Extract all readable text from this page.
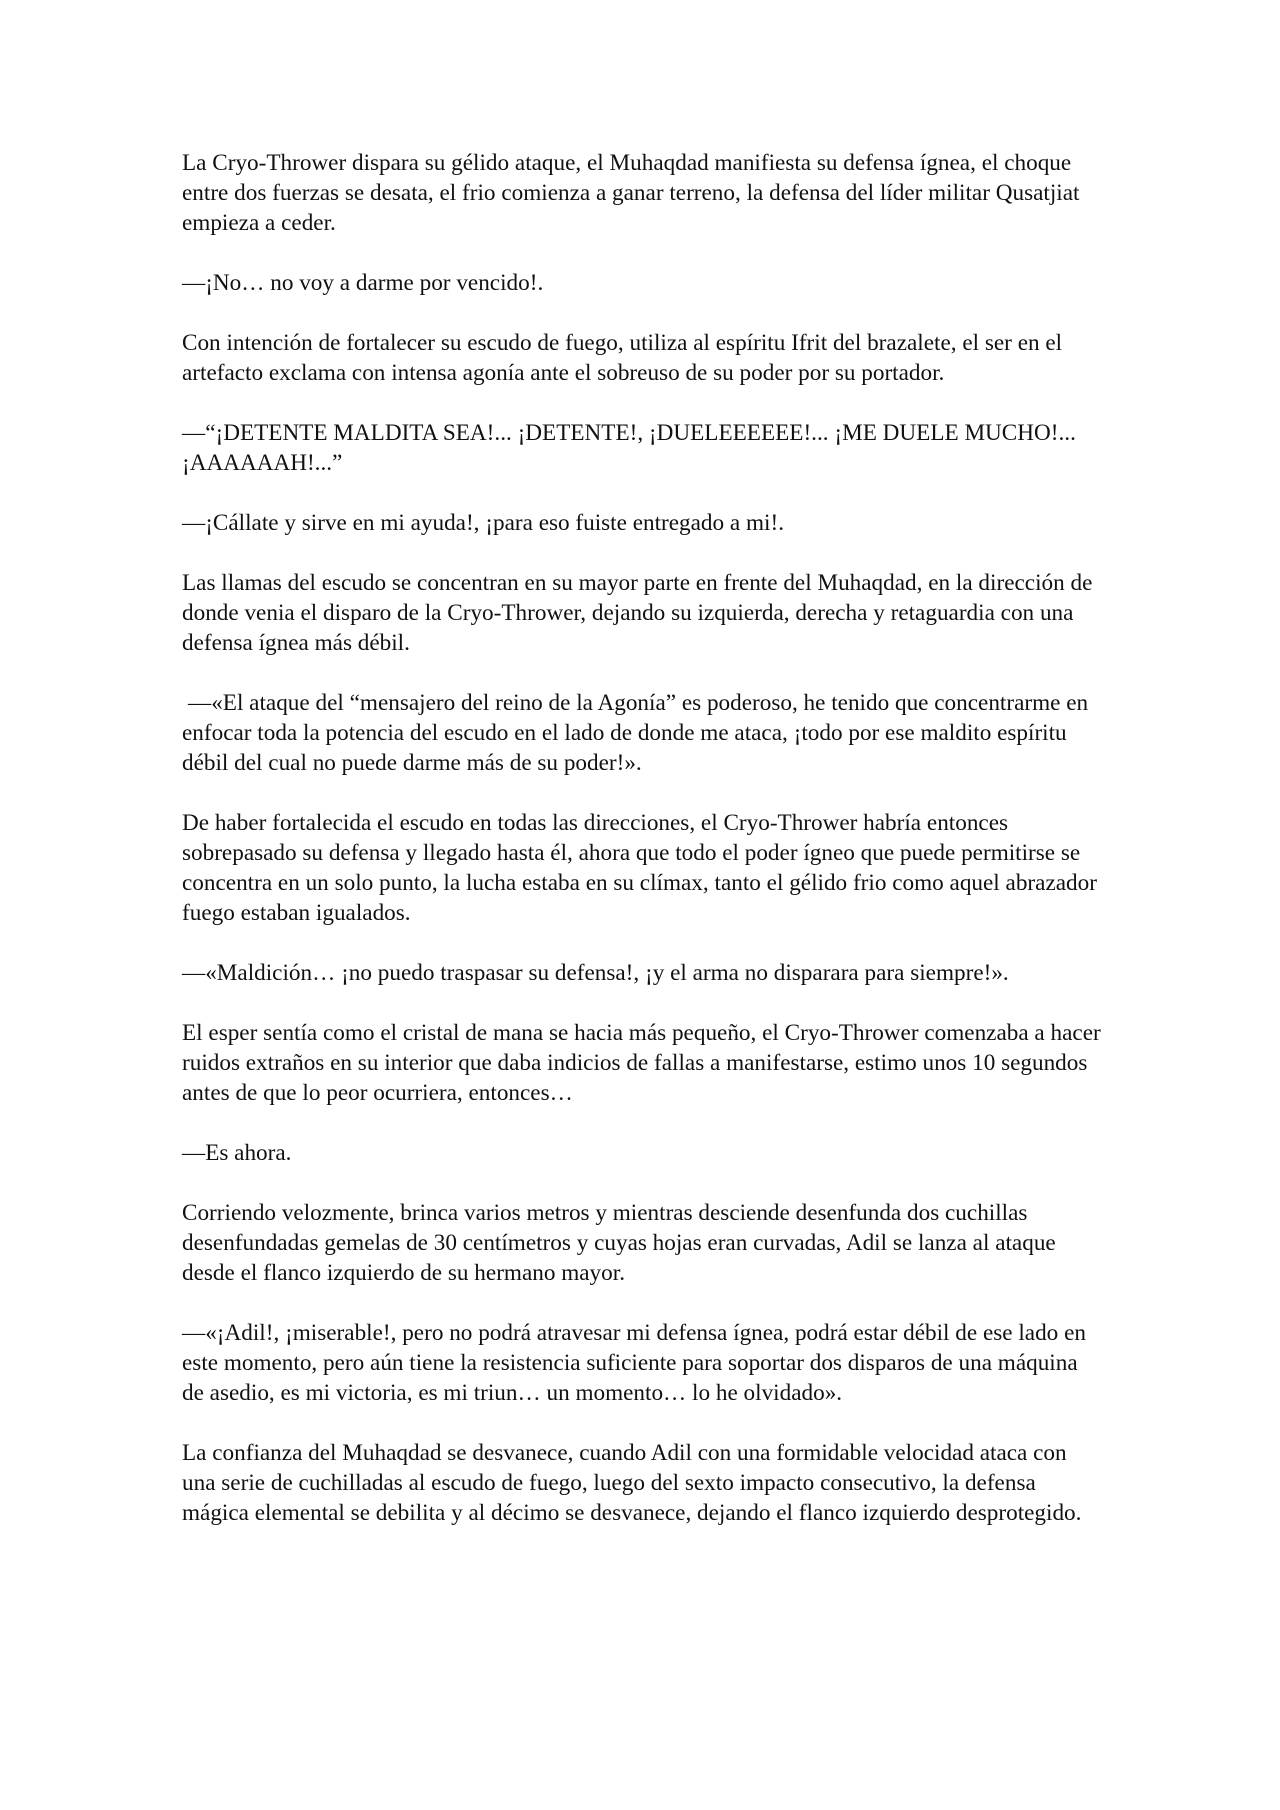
La Cryo-Thrower dispara su gélido ataque, el Muhaqdad manifiesta su defensa ígnea, el choque entre dos fuerzas se desata, el frio comienza a ganar terreno, la defensa del líder militar Qusatjiat empieza a ceder.

—¡No… no voy a darme por vencido!.

Con intención de fortalecer su escudo de fuego, utiliza al espíritu Ifrit del brazalete, el ser en el artefacto exclama con intensa agonía ante el sobreuso de su poder por su portador.

—“¡DETENTE MALDITA SEA!... ¡DETENTE!, ¡DUELEEEEEE!... ¡ME DUELE MUCHO!... ¡AAAAAAH!...”

—¡Cállate y sirve en mi ayuda!, ¡para eso fuiste entregado a mi!.

Las llamas del escudo se concentran en su mayor parte en frente del Muhaqdad, en la dirección de donde venia el disparo de la Cryo-Thrower, dejando su izquierda, derecha y retaguardia con una defensa ígnea más débil.

—«El ataque del “mensajero del reino de la Agonía” es poderoso, he tenido que concentrarme en enfocar toda la potencia del escudo en el lado de donde me ataca, ¡todo por ese maldito espíritu débil del cual no puede darme más de su poder!».

De haber fortalecida el escudo en todas las direcciones, el Cryo-Thrower habría entonces sobrepasado su defensa y llegado hasta él, ahora que todo el poder ígneo que puede permitirse se concentra en un solo punto, la lucha estaba en su clímax, tanto el gélido frio como aquel abrazador fuego estaban igualados.

—«Maldición… ¡no puedo traspasar su defensa!, ¡y el arma no disparara para siempre!».

El esper sentía como el cristal de mana se hacia más pequeño, el Cryo-Thrower comenzaba a hacer ruidos extraños en su interior que daba indicios de fallas a manifestarse, estimo unos 10 segundos antes de que lo peor ocurriera, entonces…

—Es ahora.

Corriendo velozmente, brinca varios metros y mientras desciende desenfunda dos cuchillas desenfundadas gemelas de 30 centímetros y cuyas hojas eran curvadas, Adil se lanza al ataque desde el flanco izquierdo de su hermano mayor.

—«¡Adil!, ¡miserable!, pero no podrá atravesar mi defensa ígnea, podrá estar débil de ese lado en este momento, pero aún tiene la resistencia suficiente para soportar dos disparos de una máquina de asedio, es mi victoria, es mi triun… un momento… lo he olvidado».

La confianza del Muhaqdad se desvanece, cuando Adil con una formidable velocidad ataca con una serie de cuchilladas al escudo de fuego, luego del sexto impacto consecutivo, la defensa mágica elemental se debilita y al décimo se desvanece, dejando el flanco izquierdo desprotegido.
